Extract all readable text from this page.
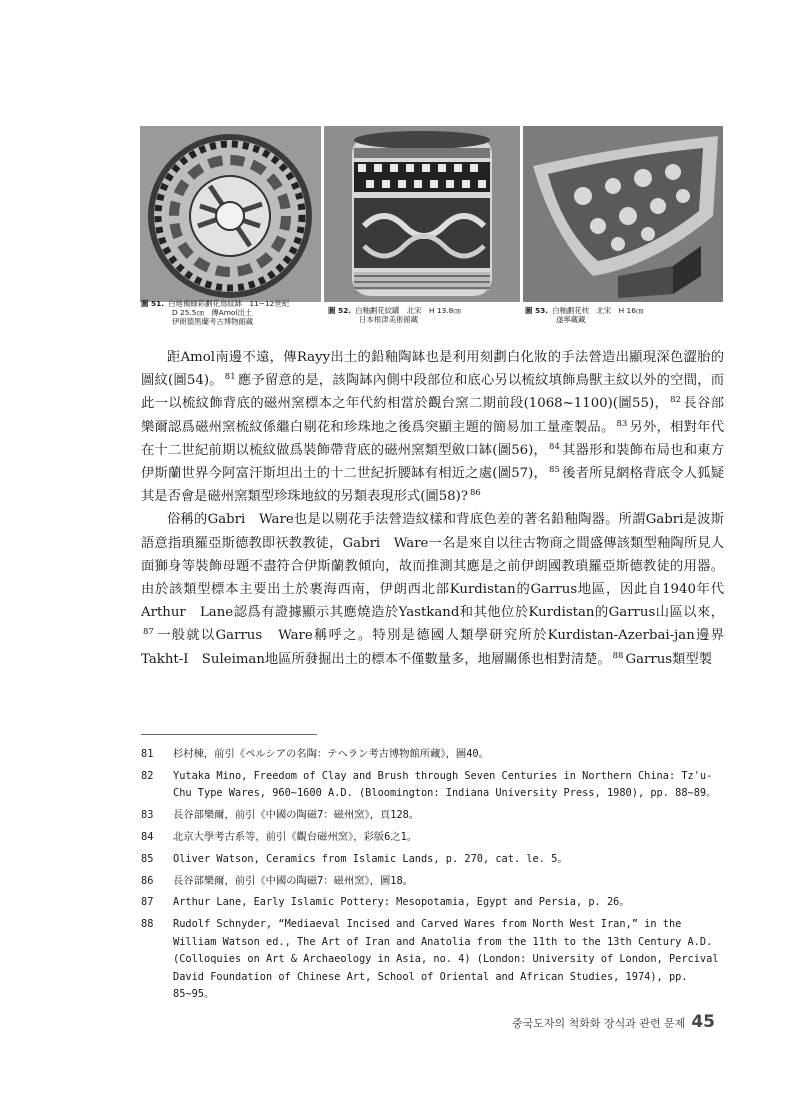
圖 51. 白地褐綠彩劃花鳥紋缽　11~12世紀
D 25.5㎝　傳Amol出土
伊朗德黑蘭考古博物館藏
圖 52. 白釉劃花紋罐　北宋　H 13.8㎝
日本根津美術館藏
圖 53. 白釉劃花枕　北宋　H 16㎝
遂寧藏藏

距Amol南邊不遠，傳Rayy出土的鉛釉陶缽也是利用刻劃白化妝的手法營造出顯現深色澀胎的圖紋(圖54)。 $^{81}$ 應予留意的是，該陶缽內側中段部位和底心另以梳紋填飾鳥獸主紋以外的空間，而此一以梳紋飾背底的磁州窯標本之年代約相當於觀台窯二期前段(1068~1100)(圖55)， $^{82}$ 長谷部樂爾認爲磁州窯梳紋係繼白剔花和珍珠地之後爲突顯主題的簡易加工量產製品。 $^{83}$ 另外，相對年代在十二世紀前期以梳紋做爲裝飾帶背底的磁州窯類型斂口缽(圖56)， $^{84}$ 其器形和裝飾布局也和東方伊斯蘭世界今阿富汗斯坦出土的十二世紀折腰缽有相近之處(圖57)， $^{85}$ 後者所見網格背底令人狐疑其是否會是磁州窯類型珍珠地紋的另類表現形式(圖58)? $^{86}$

俗稱的Gabri　Ware也是以剔花手法營造紋樣和背底色差的著名鉛釉陶器。所謂Gabri是波斯語意指瑣羅亞斯德教即祆教教徒，Gabri　Ware一名是來自以往古物商之間盛傳該類型釉陶所見人面獅身等裝飾母題不盡符合伊斯蘭教傾向，故而推測其應是之前伊朗國教瑣羅亞斯德教徒的用器。由於該類型標本主要出土於裹海西南，伊朗西北部Kurdistan的Garrus地區，因此自1940年代Arthur　Lane認爲有證據顯示其應燒造於Yastkand和其他位於Kurdistan的Garrus山區以來，$^{87}$ 一般就以Garrus　Ware稱呼之。特別是德國人類學研究所於Kurdistan-Azerbai-jan邊界Takht-I　Suleiman地區所發掘出土的標本不僅數量多，地層關係也相對清楚。 $^{88}$ Garrus類型製

81	杉村棟，前引《ペルシアの名陶：テヘラン考古博物館所藏》，圖40。
82	Yutaka Mino, Freedom of Clay and Brush through Seven Centuries in Northern China: Tz'u-Chu Type Wares, 960~1600 A.D. (Bloomington: Indiana University Press, 1980), pp. 88~89。
83	長谷部樂爾，前引《中國の陶磁7：磁州窯》，頁128。
84	北京大學考古系等，前引《觀台磁州窯》，彩版6之1。
85	Oliver Watson, Ceramics from Islamic Lands, p. 270, cat. le. 5。
86	長谷部樂爾，前引《中國の陶磁7：磁州窯》，圖18。
87	Arthur Lane, Early Islamic Pottery: Mesopotamia, Egypt and Persia, p. 26。
88	Rudolf Schnyder, “Mediaeval Incised and Carved Wares from North West Iran,” in the William Watson ed., The Art of Iran and Anatolia from the 11th to the 13th Century A.D. (Colloquies on Art & Archaeology in Asia, no. 4) (London: University of London, Percival David Foundation of Chinese Art, School of Oriental and African Studies, 1974), pp. 85~95。
중국도자의 척화화 장식과 관련 문제 45
